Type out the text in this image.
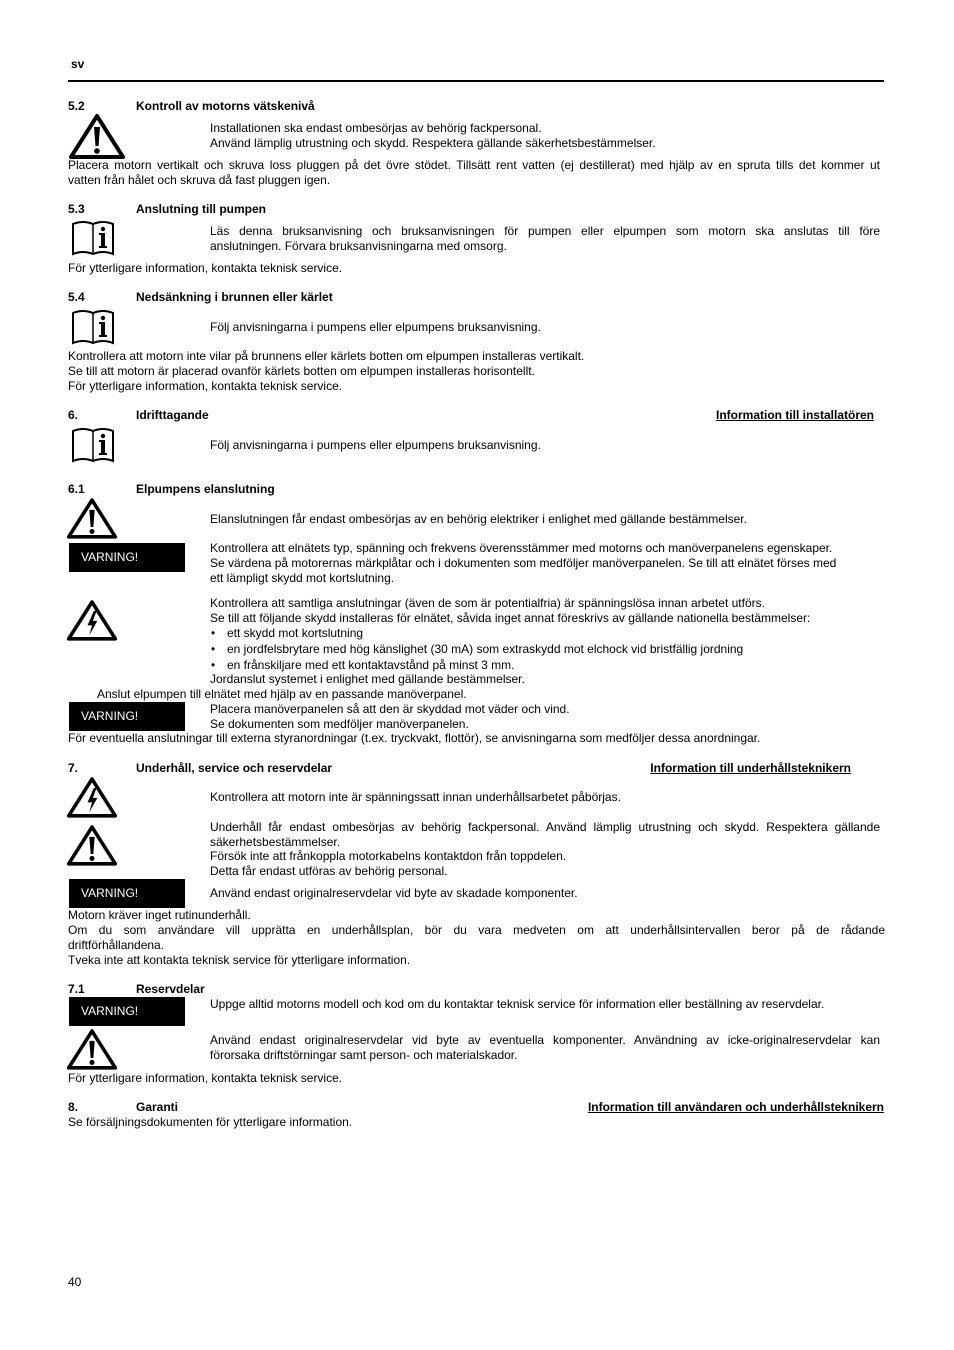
sv
5.2	Kontroll av motorns vätskenivå
Installationen ska endast ombesörjas av behörig fackpersonal.
Använd lämplig utrustning och skydd. Respektera gällande säkerhetsbestämmelser.
Placera motorn vertikalt och skruva loss pluggen på det övre stödet. Tillsätt rent vatten (ej destillerat) med hjälp av en spruta tills det kommer ut
vatten från hålet och skruva då fast pluggen igen.
5.3	Anslutning till pumpen
Läs denna bruksanvisning och bruksanvisningen för pumpen eller elpumpen som motorn ska anslutas till före
anslutningen. Förvara bruksanvisningarna med omsorg.
För ytterligare information, kontakta teknisk service.
5.4	Nedsänkning i brunnen eller kärlet
Följ anvisningarna i pumpens eller elpumpens bruksanvisning.
Kontrollera att motorn inte vilar på brunnens eller kärlets botten om elpumpen installeras vertikalt.
Se till att motorn är placerad ovanför kärlets botten om elpumpen installeras horisontellt.
För ytterligare information, kontakta teknisk service.
6.	Idrifttagande	Information till installatören
Följ anvisningarna i pumpens eller elpumpens bruksanvisning.
6.1	Elpumpens elanslutning
Elanslutningen får endast ombesörjas av en behörig elektriker i enlighet med gällande bestämmelser.
VARNING!
Kontrollera att elnätets typ, spänning och frekvens överensstämmer med motorns och manöverpanelens egenskaper.
Se värdena på motorernas märkplåtar och i dokumenten som medföljer manöverpanelen. Se till att elnätet förses med
ett lämpligt skydd mot kortslutning.
Kontrollera att samtliga anslutningar (även de som är potentialfria) är spänningslösa innan arbetet utförs.
Se till att följande skydd installeras för elnätet, såvida inget annat föreskrivs av gällande nationella bestämmelser:
• ett skydd mot kortslutning
• en jordfelsbrytare med hög känslighet (30 mA) som extraskydd mot elchock vid bristfällig jordning
• en frånskiljare med ett kontaktavstånd på minst 3 mm.
Jordanslut systemet i enlighet med gällande bestämmelser.
Anslut elpumpen till elnätet med hjälp av en passande manöverpanel.
VARNING!	Placera manöverpanelen så att den är skyddad mot väder och vind.
Se dokumenten som medföljer manöverpanelen.
För eventuella anslutningar till externa styranordningar (t.ex. tryckvakt, flottör), se anvisningarna som medföljer dessa anordningar.
7.	Underhåll, service och reservdelar	Information till underhållsteknikern
Kontrollera att motorn inte är spänningssatt innan underhållsarbetet påbörjas.
Underhåll får endast ombesörjas av behörig fackpersonal. Använd lämplig utrustning och skydd. Respektera gällande
säkerhetsbestämmelser.
Försök inte att frånkoppla motorkabelns kontaktdon från toppdelen.
Detta får endast utföras av behörig personal.
VARNING!	Använd endast originalreservdelar vid byte av skadade komponenter.
Motorn kräver inget rutinunderhåll.
Om du som användare vill upprätta en underhållsplan, bör du vara medveten om att underhållsintervallen beror på de rådande
driftförhållandena.
Tveka inte att kontakta teknisk service för ytterligare information.
7.1	Reservdelar
Uppge alltid motorns modell och kod om du kontaktar teknisk service för information eller beställning av reservdelar.
VARNING!
Använd endast originalreservdelar vid byte av eventuella komponenter. Användning av icke-originalreservdelar kan
förorsaka driftstörningar samt person- och materialskador.
För ytterligare information, kontakta teknisk service.
8.	Garanti	Information till användaren och underhållsteknikern
Se försäljningsdokumenten för ytterligare information.
40
